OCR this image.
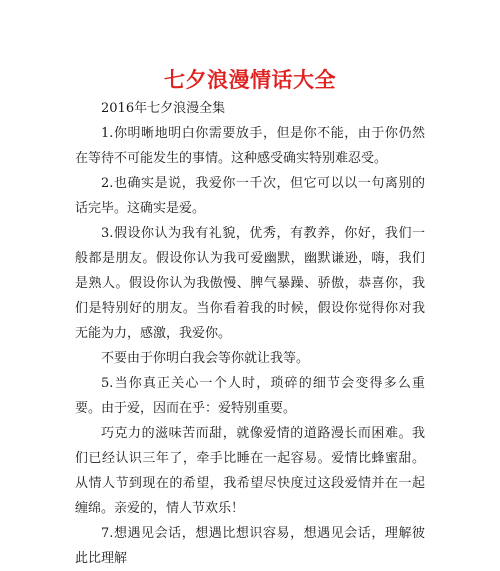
七夕浪漫情话大全

2016年七夕浪漫全集

1.你明晰地明白你需要放手，但是你不能，由于你仍然在等待不可能发生的事情。这种感受确实特别难忍受。

2.也确实是说，我爱你一千次，但它可以以一句离别的话完毕。这确实是爱。

3.假设你认为我有礼貌，优秀，有教养，你好，我们一般都是朋友。假设你认为我可爱幽默，幽默谦逊，嗨，我们是熟人。假设你认为我傲慢、脾气暴躁、骄傲，恭喜你，我们是特别好的朋友。当你看着我的时候，假设你觉得你对我无能为力，感激，我爱你。

不要由于你明白我会等你就让我等。

5.当你真正关心一个人时，琐碎的细节会变得多么重要。由于爱，因而在乎：爱特别重要。

巧克力的滋味苦而甜，就像爱情的道路漫长而困难。我们已经认识三年了，牵手比睡在一起容易。爱情比蜂蜜甜。从情人节到现在的希望，我希望尽快度过这段爱情并在一起缠绵。亲爱的，情人节欢乐！

7.想遇见会话，想遇比想识容易，想遇见会话，理解彼此比理解
